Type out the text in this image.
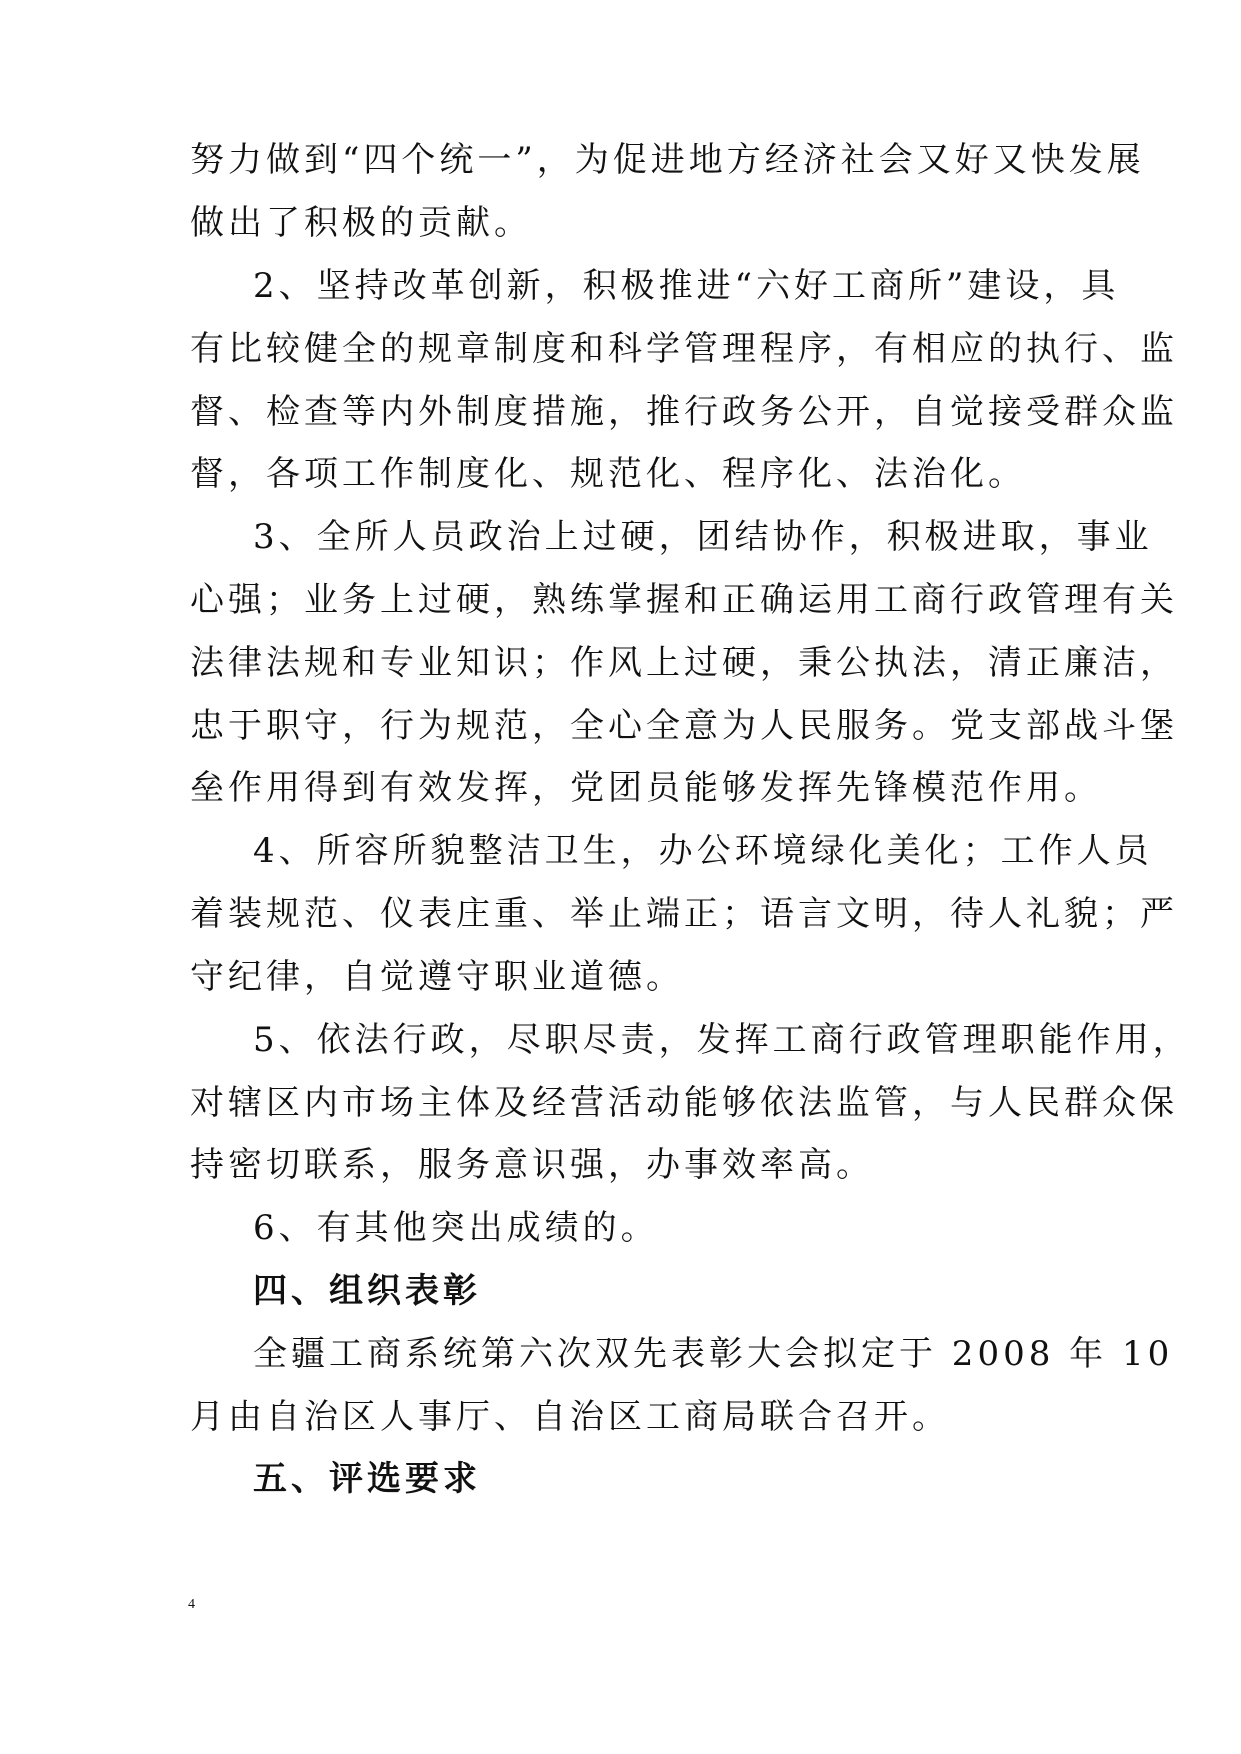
努力做到“四个统一”，为促进地方经济社会又好又快发展
做出了积极的贡献。
2、坚持改革创新，积极推进“六好工商所”建设，具
有比较健全的规章制度和科学管理程序，有相应的执行、监
督、检查等内外制度措施，推行政务公开，自觉接受群众监
督，各项工作制度化、规范化、程序化、法治化。
3、全所人员政治上过硬，团结协作，积极进取，事业
心强；业务上过硬，熟练掌握和正确运用工商行政管理有关
法律法规和专业知识；作风上过硬，秉公执法，清正廉洁，
忠于职守，行为规范，全心全意为人民服务。党支部战斗堡
垒作用得到有效发挥，党团员能够发挥先锋模范作用。
4、所容所貌整洁卫生，办公环境绿化美化；工作人员
着装规范、仪表庄重、举止端正；语言文明，待人礼貌；严
守纪律，自觉遵守职业道德。
5、依法行政，尽职尽责，发挥工商行政管理职能作用，
对辖区内市场主体及经营活动能够依法监管，与人民群众保
持密切联系，服务意识强，办事效率高。
6、有其他突出成绩的。
四、组织表彰
全疆工商系统第六次双先表彰大会拟定于 2008 年 10
月由自治区人事厅、自治区工商局联合召开。
五、评选要求
4
